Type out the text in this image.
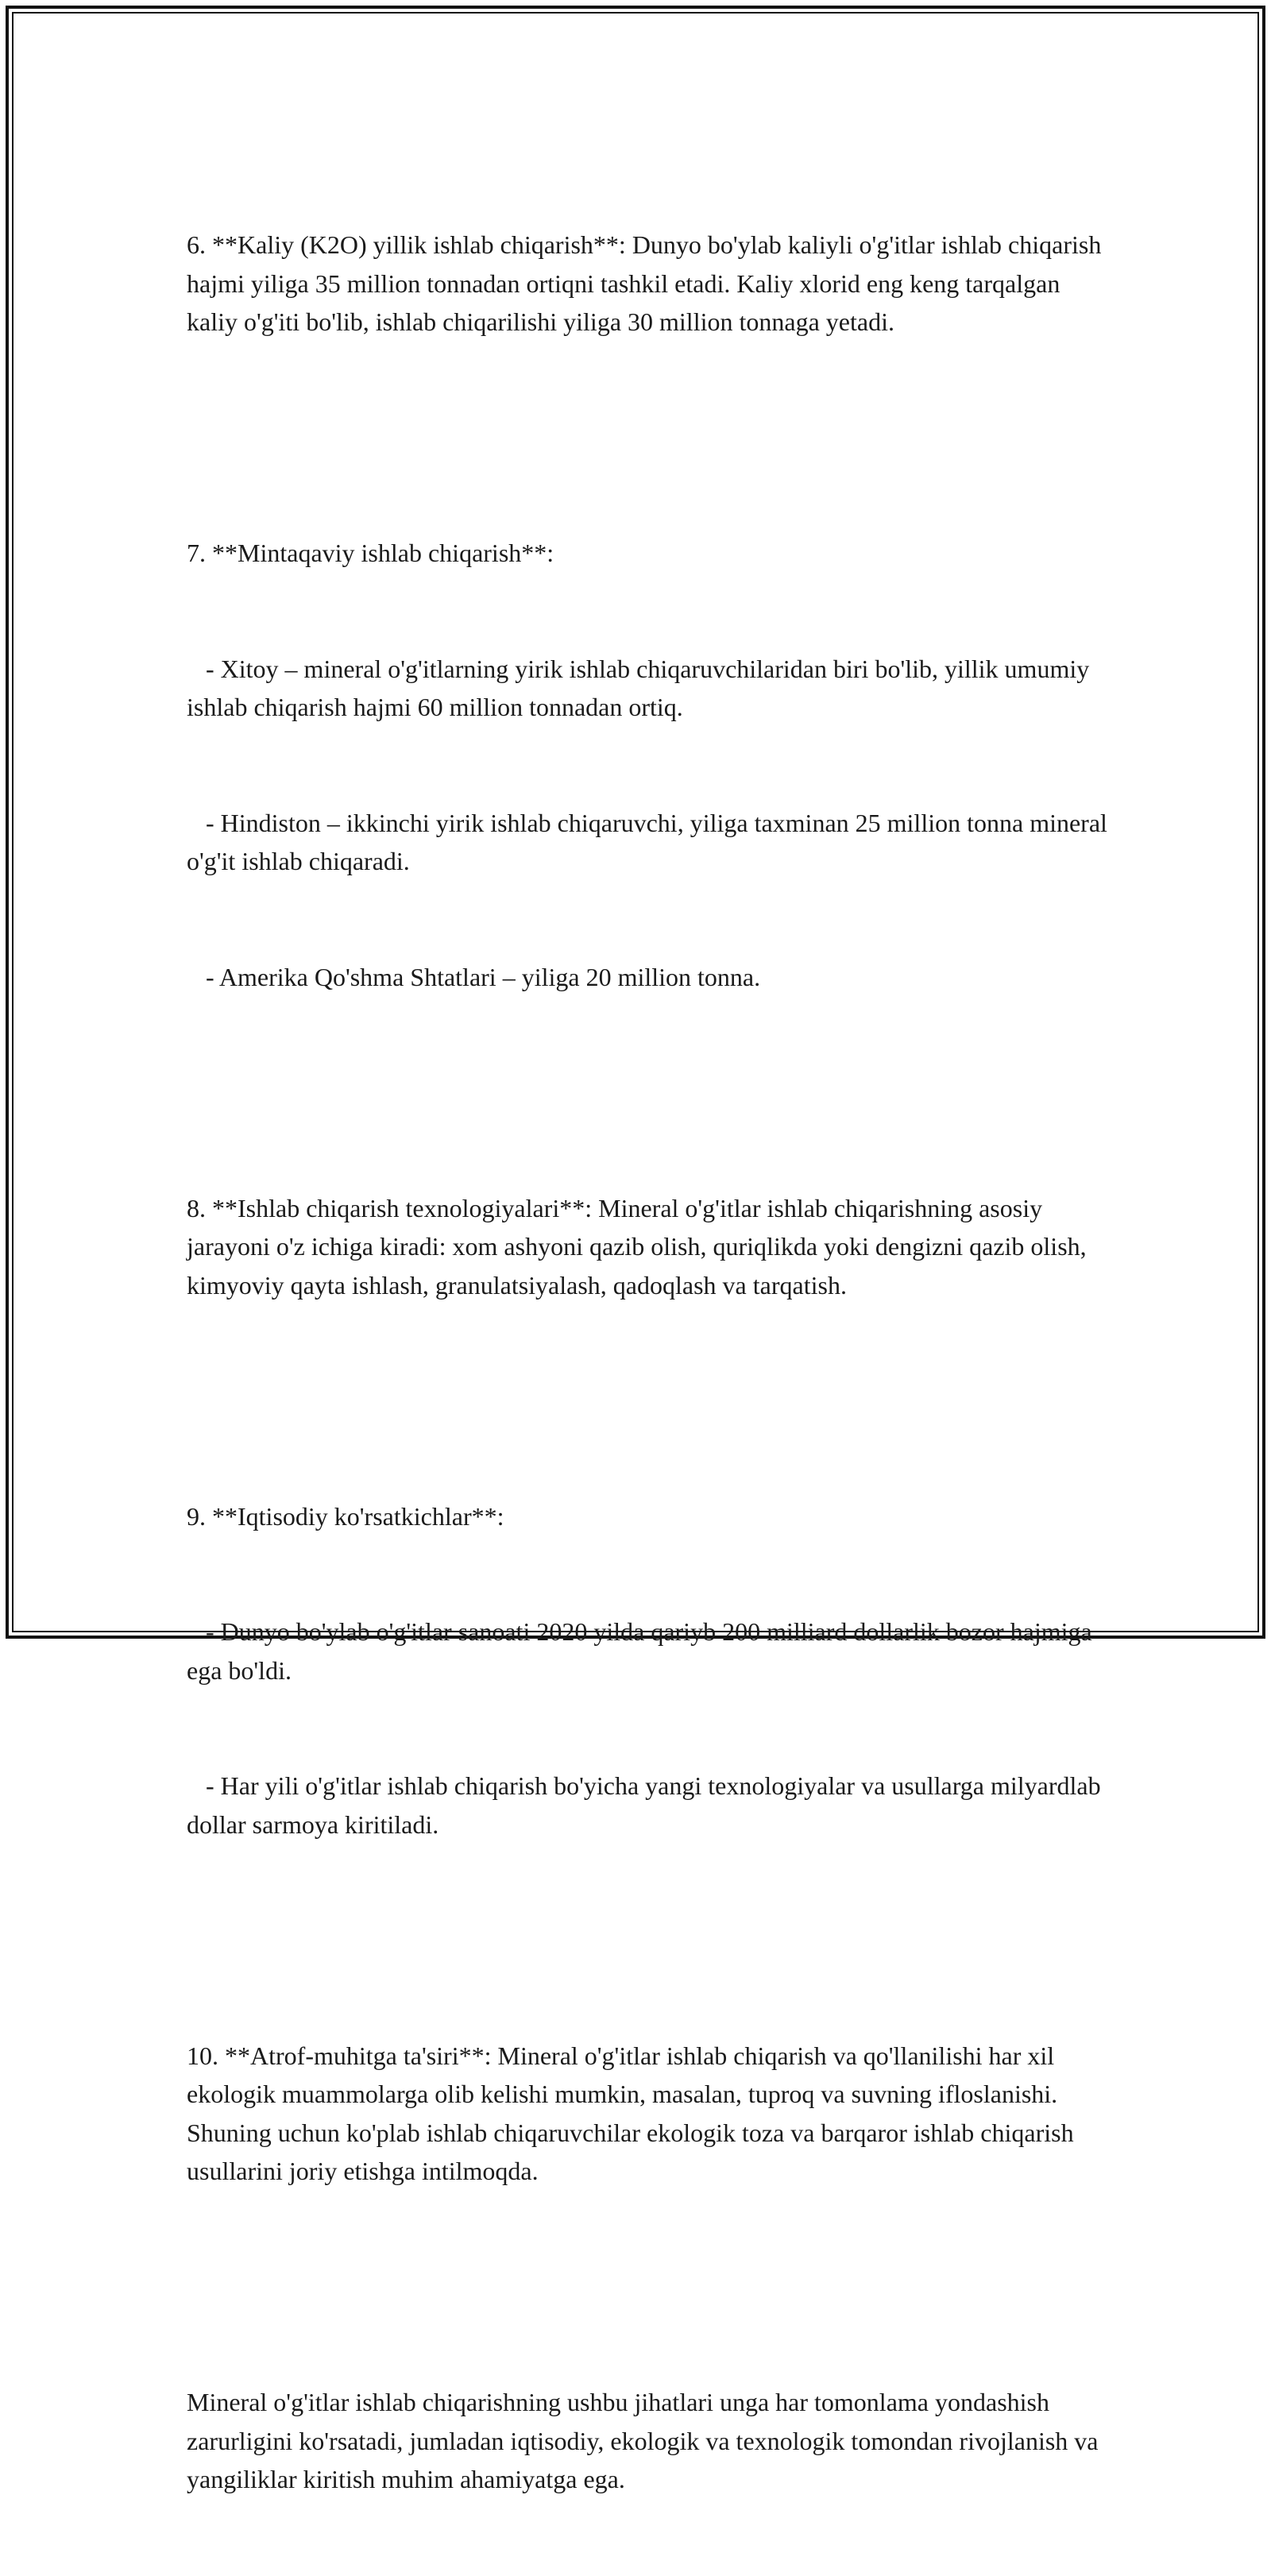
6. **Kaliy (K2O) yillik ishlab chiqarish**: Dunyo bo'ylab kaliyli o'g'itlar ishlab chiqarish hajmi yiliga 35 million tonnadan ortiqni tashkil etadi. Kaliy xlorid eng keng tarqalgan kaliy o'g'iti bo'lib, ishlab chiqarilishi yiliga 30 million tonnaga yetadi.

7. **Mintaqaviy ishlab chiqarish**:

- Xitoy – mineral o'g'itlarning yirik ishlab chiqaruvchilaridan biri bo'lib, yillik umumiy ishlab chiqarish hajmi 60 million tonnadan ortiq.

- Hindiston – ikkinchi yirik ishlab chiqaruvchi, yiliga taxminan 25 million tonna mineral o'g'it ishlab chiqaradi.

- Amerika Qo'shma Shtatlari – yiliga 20 million tonna.

8. **Ishlab chiqarish texnologiyalari**: Mineral o'g'itlar ishlab chiqarishning asosiy jarayoni o'z ichiga kiradi: xom ashyoni qazib olish, quriqlikda yoki dengizni qazib olish, kimyoviy qayta ishlash, granulatsiyalash, qadoqlash va tarqatish.

9. **Iqtisodiy ko'rsatkichlar**:

- Dunyo bo'ylab o'g'itlar sanoati 2020 yilda qariyb 200 milliard dollarlik bozor hajmiga ega bo'ldi.

- Har yili o'g'itlar ishlab chiqarish bo'yicha yangi texnologiyalar va usullarga milyardlab dollar sarmoya kiritiladi.

10. **Atrof-muhitga ta'siri**: Mineral o'g'itlar ishlab chiqarish va qo'llanilishi har xil ekologik muammolarga olib kelishi mumkin, masalan, tuproq va suvning ifloslanishi. Shuning uchun ko'plab ishlab chiqaruvchilar ekologik toza va barqaror ishlab chiqarish usullarini joriy etishga intilmoqda.

Mineral o'g'itlar ishlab chiqarishning ushbu jihatlari unga har tomonlama yondashish zarurligini ko'rsatadi, jumladan iqtisodiy, ekologik va texnologik tomondan rivojlanish va yangiliklar kiritish muhim ahamiyatga ega.
